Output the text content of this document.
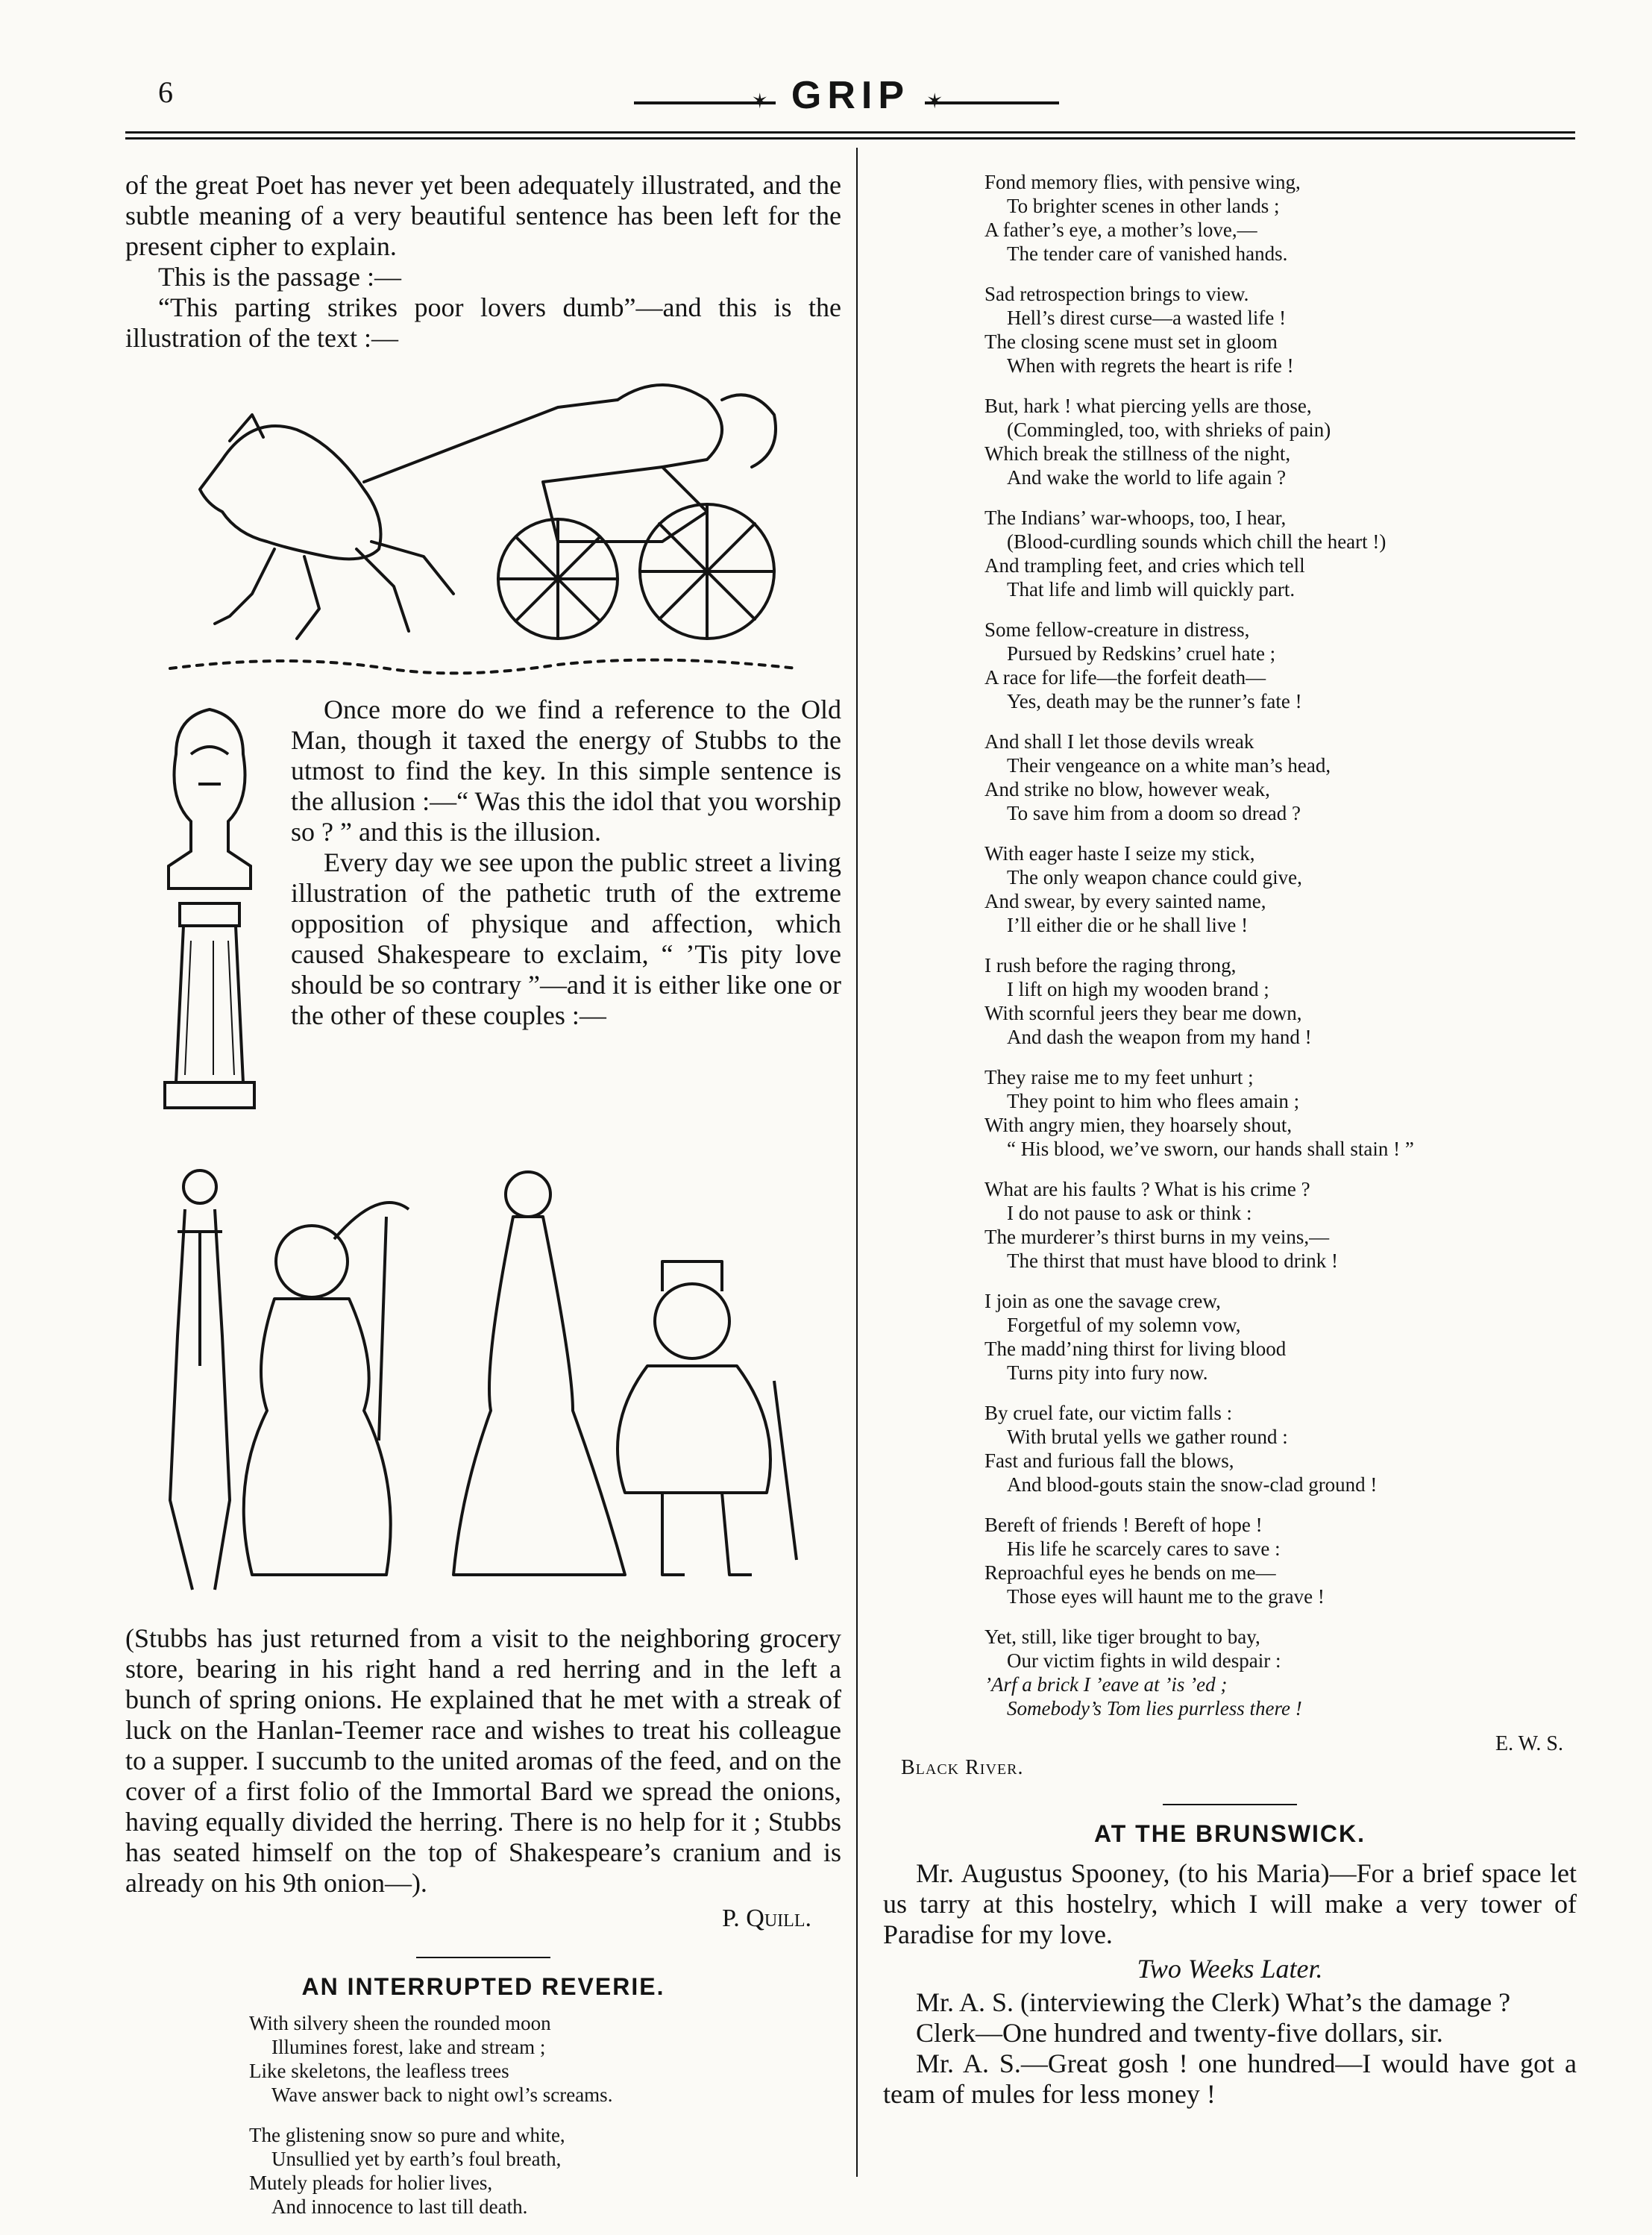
6	✶ GRIP ✶

of the great Poet has never yet been adequately illustrated, and the subtle meaning of a very beautiful sentence has been left for the present cipher to explain.

This is the passage :—

“This parting strikes poor lovers dumb”—and this is the illustration of the text :—

Once more do we find a reference to the Old Man, though it taxed the energy of Stubbs to the utmost to find the key. In this simple sentence is the allusion :—“ Was this the idol that you worship so ? ” and this is the illusion.

Every day we see upon the public street a living illustration of the pathetic truth of the extreme opposition of physique and affection, which caused Shakespeare to exclaim, “ ’Tis pity love should be so contrary ”—and it is either like one or the other of these couples :—

(Stubbs has just returned from a visit to the neighboring grocery store, bearing in his right hand a red herring and in the left a bunch of spring onions. He explained that he met with a streak of luck on the Hanlan-Teemer race and wishes to treat his colleague to a supper. I succumb to the united aromas of the feed, and on the cover of a first folio of the Immortal Bard we spread the onions, having equally divided the herring. There is no help for it ; Stubbs has seated himself on the top of Shakespeare’s cranium and is already on his 9th onion—).

P. Quill.
AN INTERRUPTED REVERIE.
With silvery sheen the rounded moon
Illumines forest, lake and stream ;
Like skeletons, the leafless trees
Wave answer back to night owl’s screams.
The glistening snow so pure and white,
Unsullied yet by earth’s foul breath,
Mutely pleads for holier lives,
And innocence to last till death.
Fond memory flies, with pensive wing,
To brighter scenes in other lands ;
A father’s eye, a mother’s love,—
The tender care of vanished hands.
Sad retrospection brings to view.
Hell’s direst curse—a wasted life !
The closing scene must set in gloom
When with regrets the heart is rife !
But, hark ! what piercing yells are those,
(Commingled, too, with shrieks of pain)
Which break the stillness of the night,
And wake the world to life again ?
The Indians’ war-whoops, too, I hear,
(Blood-curdling sounds which chill the heart !)
And trampling feet, and cries which tell
That life and limb will quickly part.
Some fellow-creature in distress,
Pursued by Redskins’ cruel hate ;
A race for life—the forfeit death—
Yes, death may be the runner’s fate !
And shall I let those devils wreak
Their vengeance on a white man’s head,
And strike no blow, however weak,
To save him from a doom so dread ?
With eager haste I seize my stick,
The only weapon chance could give,
And swear, by every sainted name,
I’ll either die or he shall live !
I rush before the raging throng,
I lift on high my wooden brand ;
With scornful jeers they bear me down,
And dash the weapon from my hand !
They raise me to my feet unhurt ;
They point to him who flees amain ;
With angry mien, they hoarsely shout,
“ His blood, we’ve sworn, our hands shall stain ! ”
What are his faults ? What is his crime ?
I do not pause to ask or think :
The murderer’s thirst burns in my veins,—
The thirst that must have blood to drink !
I join as one the savage crew,
Forgetful of my solemn vow,
The madd’ning thirst for living blood
Turns pity into fury now.
By cruel fate, our victim falls :
With brutal yells we gather round :
Fast and furious fall the blows,
And blood-gouts stain the snow-clad ground !
Bereft of friends ! Bereft of hope !
His life he scarcely cares to save :
Reproachful eyes he bends on me—
Those eyes will haunt me to the grave !
Yet, still, like tiger brought to bay,
Our victim fights in wild despair :
’Arf a brick I ’eave at ’is ’ed ;
Somebody’s Tom lies purrless there !
E. W. S.
Black River.
AT THE BRUNSWICK.

Mr. Augustus Spooney, (to his Maria)—For a brief space let us tarry at this hostelry, which I will make a very tower of Paradise for my love.

Two Weeks Later.

Mr. A. S. (interviewing the Clerk) What’s the damage ?

Clerk—One hundred and twenty-five dollars, sir.

Mr. A. S.—Great gosh ! one hundred—I would have got a team of mules for less money !
